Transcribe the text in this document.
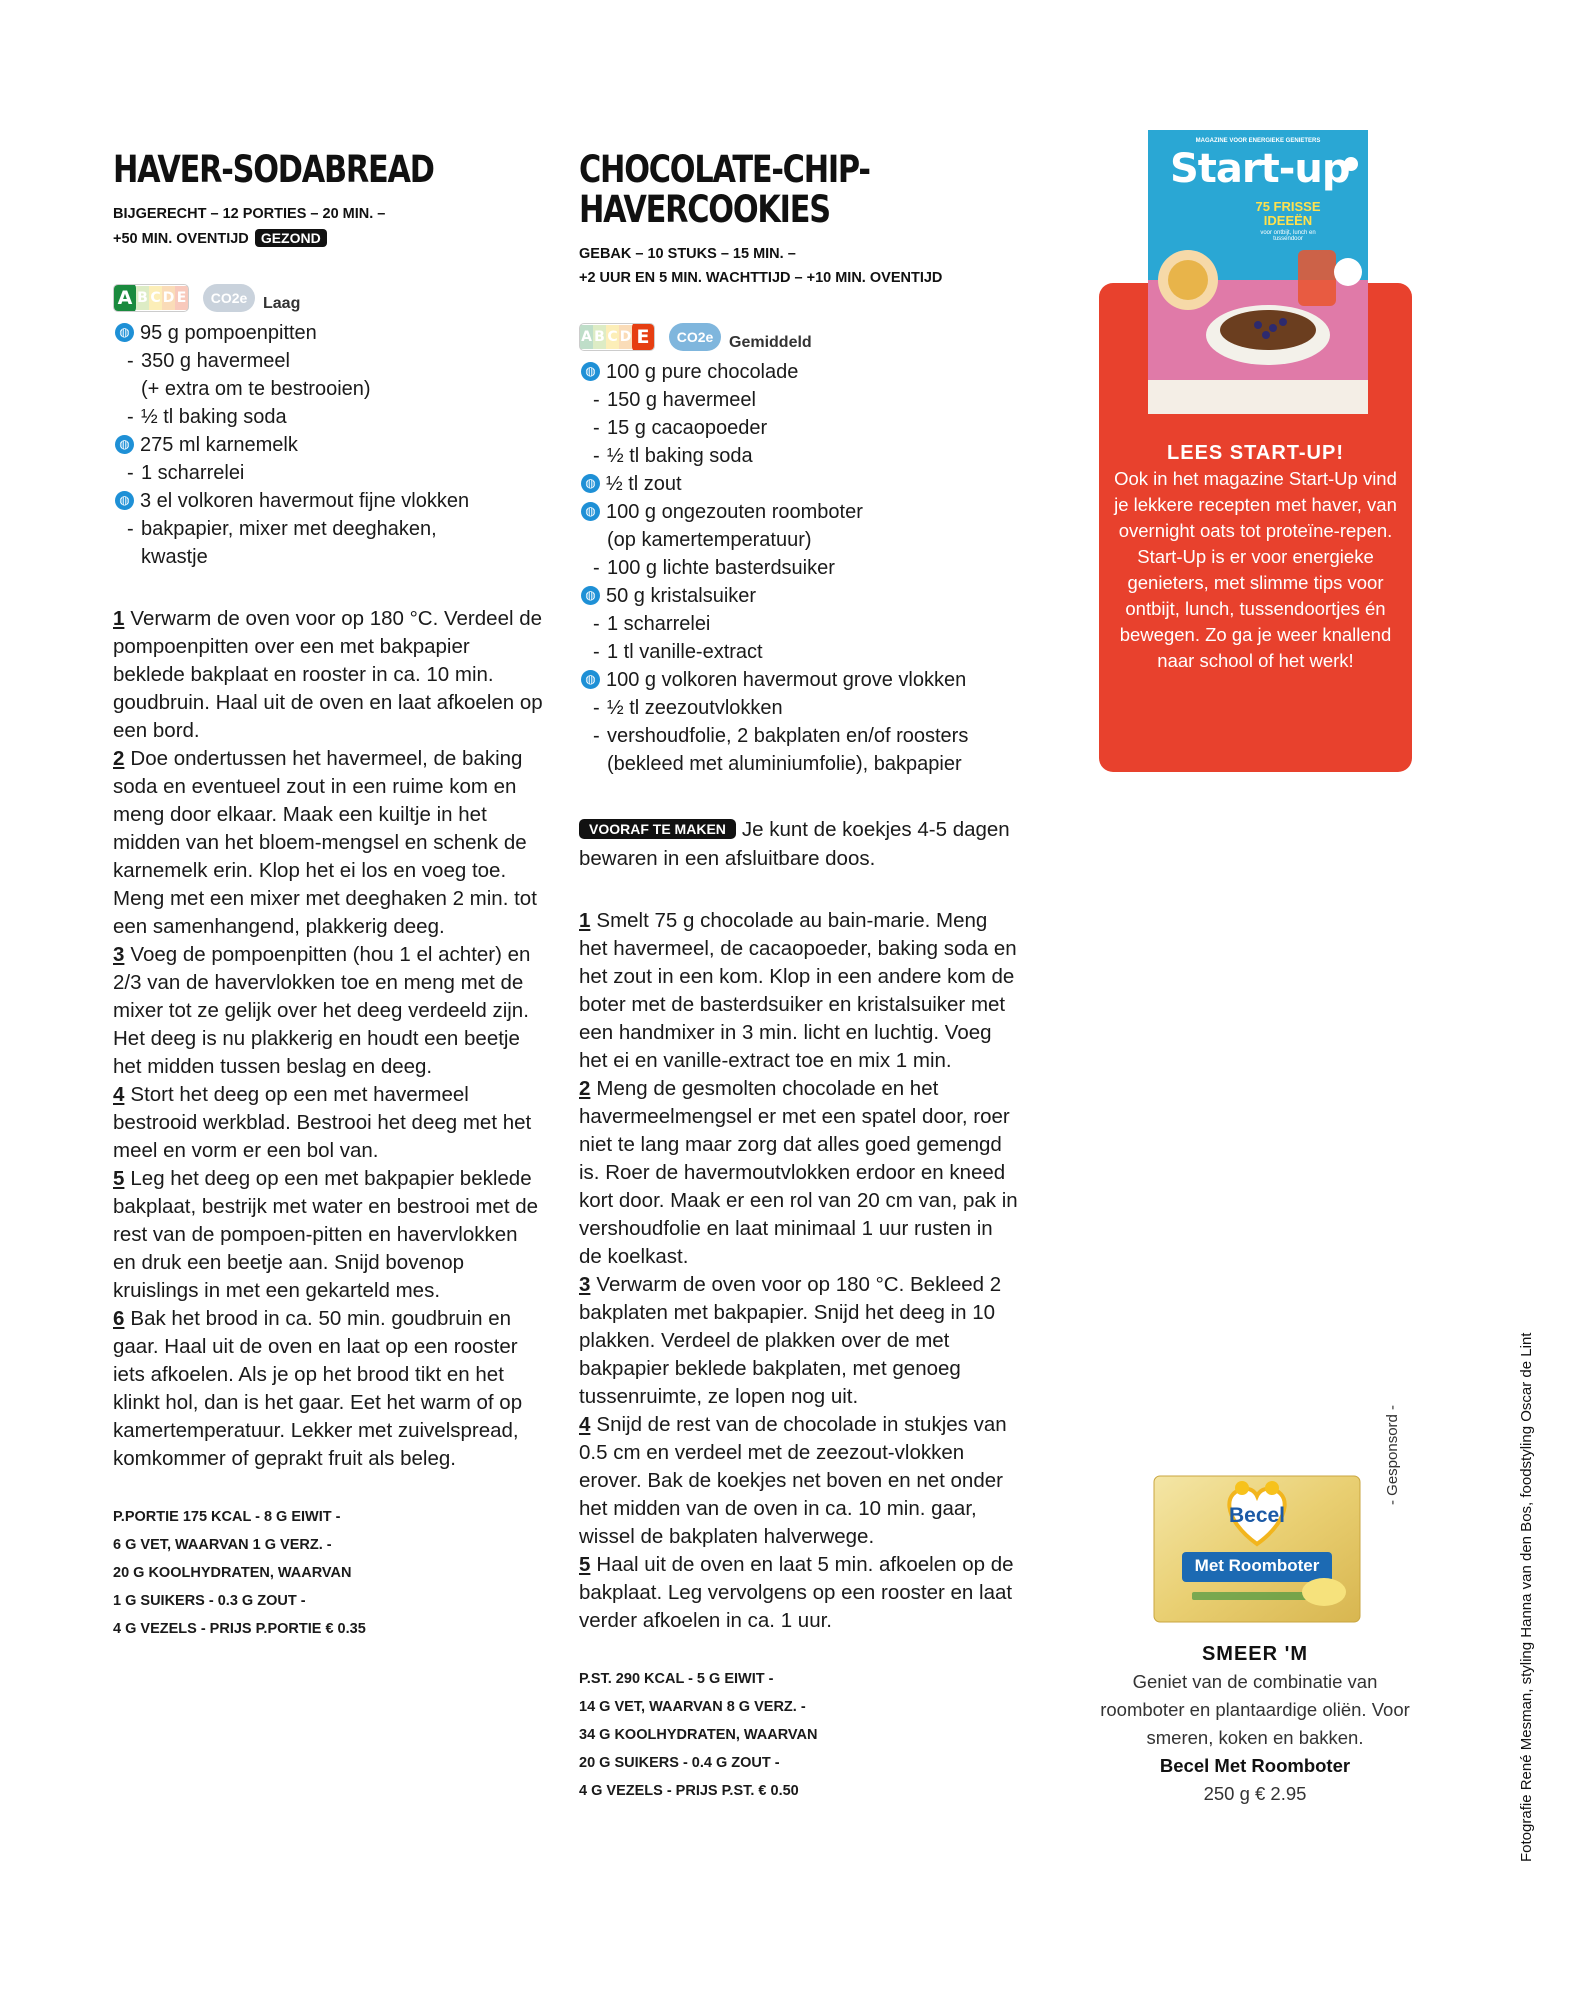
HAVER-SODABREAD
BIJGERECHT – 12 PORTIES – 20 MIN. –
+50 MIN. OVENTIJD GEZOND
A B C D E	CO2e Laag
◍ 95 g pompoenpitten
- 350 g havermeel
(+ extra om te bestrooien)
- ½ tl baking soda
◍ 275 ml karnemelk
- 1 scharrelei
◍ 3 el volkoren havermout fijne vlokken
- bakpapier, mixer met deeghaken,
kwastje

1 Verwarm de oven voor op 180 °C. Verdeel de pompoenpitten over een met bakpapier beklede bakplaat en rooster in ca. 10 min. goudbruin. Haal uit de oven en laat afkoelen op een bord.

2 Doe ondertussen het havermeel, de baking soda en eventueel zout in een ruime kom en meng door elkaar. Maak een kuiltje in het midden van het bloem-mengsel en schenk de karnemelk erin. Klop het ei los en voeg toe. Meng met een mixer met deeghaken 2 min. tot een samenhangend, plakkerig deeg.

3 Voeg de pompoenpitten (hou 1 el achter) en 2/3 van de havervlokken toe en meng met de mixer tot ze gelijk over het deeg verdeeld zijn. Het deeg is nu plakkerig en houdt een beetje het midden tussen beslag en deeg.

4 Stort het deeg op een met havermeel bestrooid werkblad. Bestrooi het deeg met het meel en vorm er een bol van.

5 Leg het deeg op een met bakpapier beklede bakplaat, bestrijk met water en bestrooi met de rest van de pompoen-pitten en havervlokken en druk een beetje aan. Snijd bovenop kruislings in met een gekarteld mes.

6 Bak het brood in ca. 50 min. goudbruin en gaar. Haal uit de oven en laat op een rooster iets afkoelen. Als je op het brood tikt en het klinkt hol, dan is het gaar. Eet het warm of op kamertemperatuur. Lekker met zuivelspread, komkommer of geprakt fruit als beleg.

P.PORTIE 175 KCAL - 8 G EIWIT -
6 G VET, WAARVAN 1 G VERZ. -
20 G KOOLHYDRATEN, WAARVAN
1 G SUIKERS - 0.3 G ZOUT -
4 G VEZELS - PRIJS P.PORTIE € 0.35
CHOCOLATE-CHIP-
HAVERCOOKIES
GEBAK – 10 STUKS – 15 MIN. –
+2 UUR EN 5 MIN. WACHTTIJD – +10 MIN. OVENTIJD
A B C D E	CO2e Gemiddeld
◍ 100 g pure chocolade
- 150 g havermeel
- 15 g cacaopoeder
- ½ tl baking soda
◍ ½ tl zout
◍ 100 g ongezouten roomboter
(op kamertemperatuur)
- 100 g lichte basterdsuiker
◍ 50 g kristalsuiker
- 1 scharrelei
- 1 tl vanille-extract
◍ 100 g volkoren havermout grove vlokken
- ½ tl zeezoutvlokken
- vershoudfolie, 2 bakplaten en/of roosters
(bekleed met aluminiumfolie), bakpapier
VOORAF TE MAKEN Je kunt de koekjes 4-5 dagen bewaren in een afsluitbare doos.

1 Smelt 75 g chocolade au bain-marie. Meng het havermeel, de cacaopoeder, baking soda en het zout in een kom. Klop in een andere kom de boter met de basterdsuiker en kristalsuiker met een handmixer in 3 min. licht en luchtig. Voeg het ei en vanille-extract toe en mix 1 min.

2 Meng de gesmolten chocolade en het havermeelmengsel er met een spatel door, roer niet te lang maar zorg dat alles goed gemengd is. Roer de havermoutvlokken erdoor en kneed kort door. Maak er een rol van 20 cm van, pak in vershoudfolie en laat minimaal 1 uur rusten in de koelkast.

3 Verwarm de oven voor op 180 °C. Bekleed 2 bakplaten met bakpapier. Snijd het deeg in 10 plakken. Verdeel de plakken over de met bakpapier beklede bakplaten, met genoeg tussenruimte, ze lopen nog uit.

4 Snijd de rest van de chocolade in stukjes van 0.5 cm en verdeel met de zeezout-vlokken erover. Bak de koekjes net boven en net onder het midden van de oven in ca. 10 min. gaar, wissel de bakplaten halverwege.

5 Haal uit de oven en laat 5 min. afkoelen op de bakplaat. Leg vervolgens op een rooster en laat verder afkoelen in ca. 1 uur.

P.ST. 290 KCAL - 5 G EIWIT -
14 G VET, WAARVAN 8 G VERZ. -
34 G KOOLHYDRATEN, WAARVAN
20 G SUIKERS - 0.4 G ZOUT -
4 G VEZELS - PRIJS P.ST. € 0.50
MAGAZINE VOOR ENERGIEKE GENIETERS
Start-up
75 FRISSE
IDEEËN
voor ontbijt, lunch en tussendoor
LEES START-UP!
Ook in het magazine Start-Up vind je lekkere recepten met haver, van overnight oats tot proteïne-repen. Start-Up is er voor energieke genieters, met slimme tips voor ontbijt, lunch, tussendoortjes én bewegen. Zo ga je weer knallend naar school of het werk!
Becel
Met Roomboter
- Gesponsord -
SMEER 'M
Geniet van de combinatie van roomboter en plantaardige oliën. Voor smeren, koken en bakken.
Becel Met Roomboter
250 g € 2.95	Fotografie René Mesman, styling Hanna van den Bos, foodstyling Oscar de Lint
